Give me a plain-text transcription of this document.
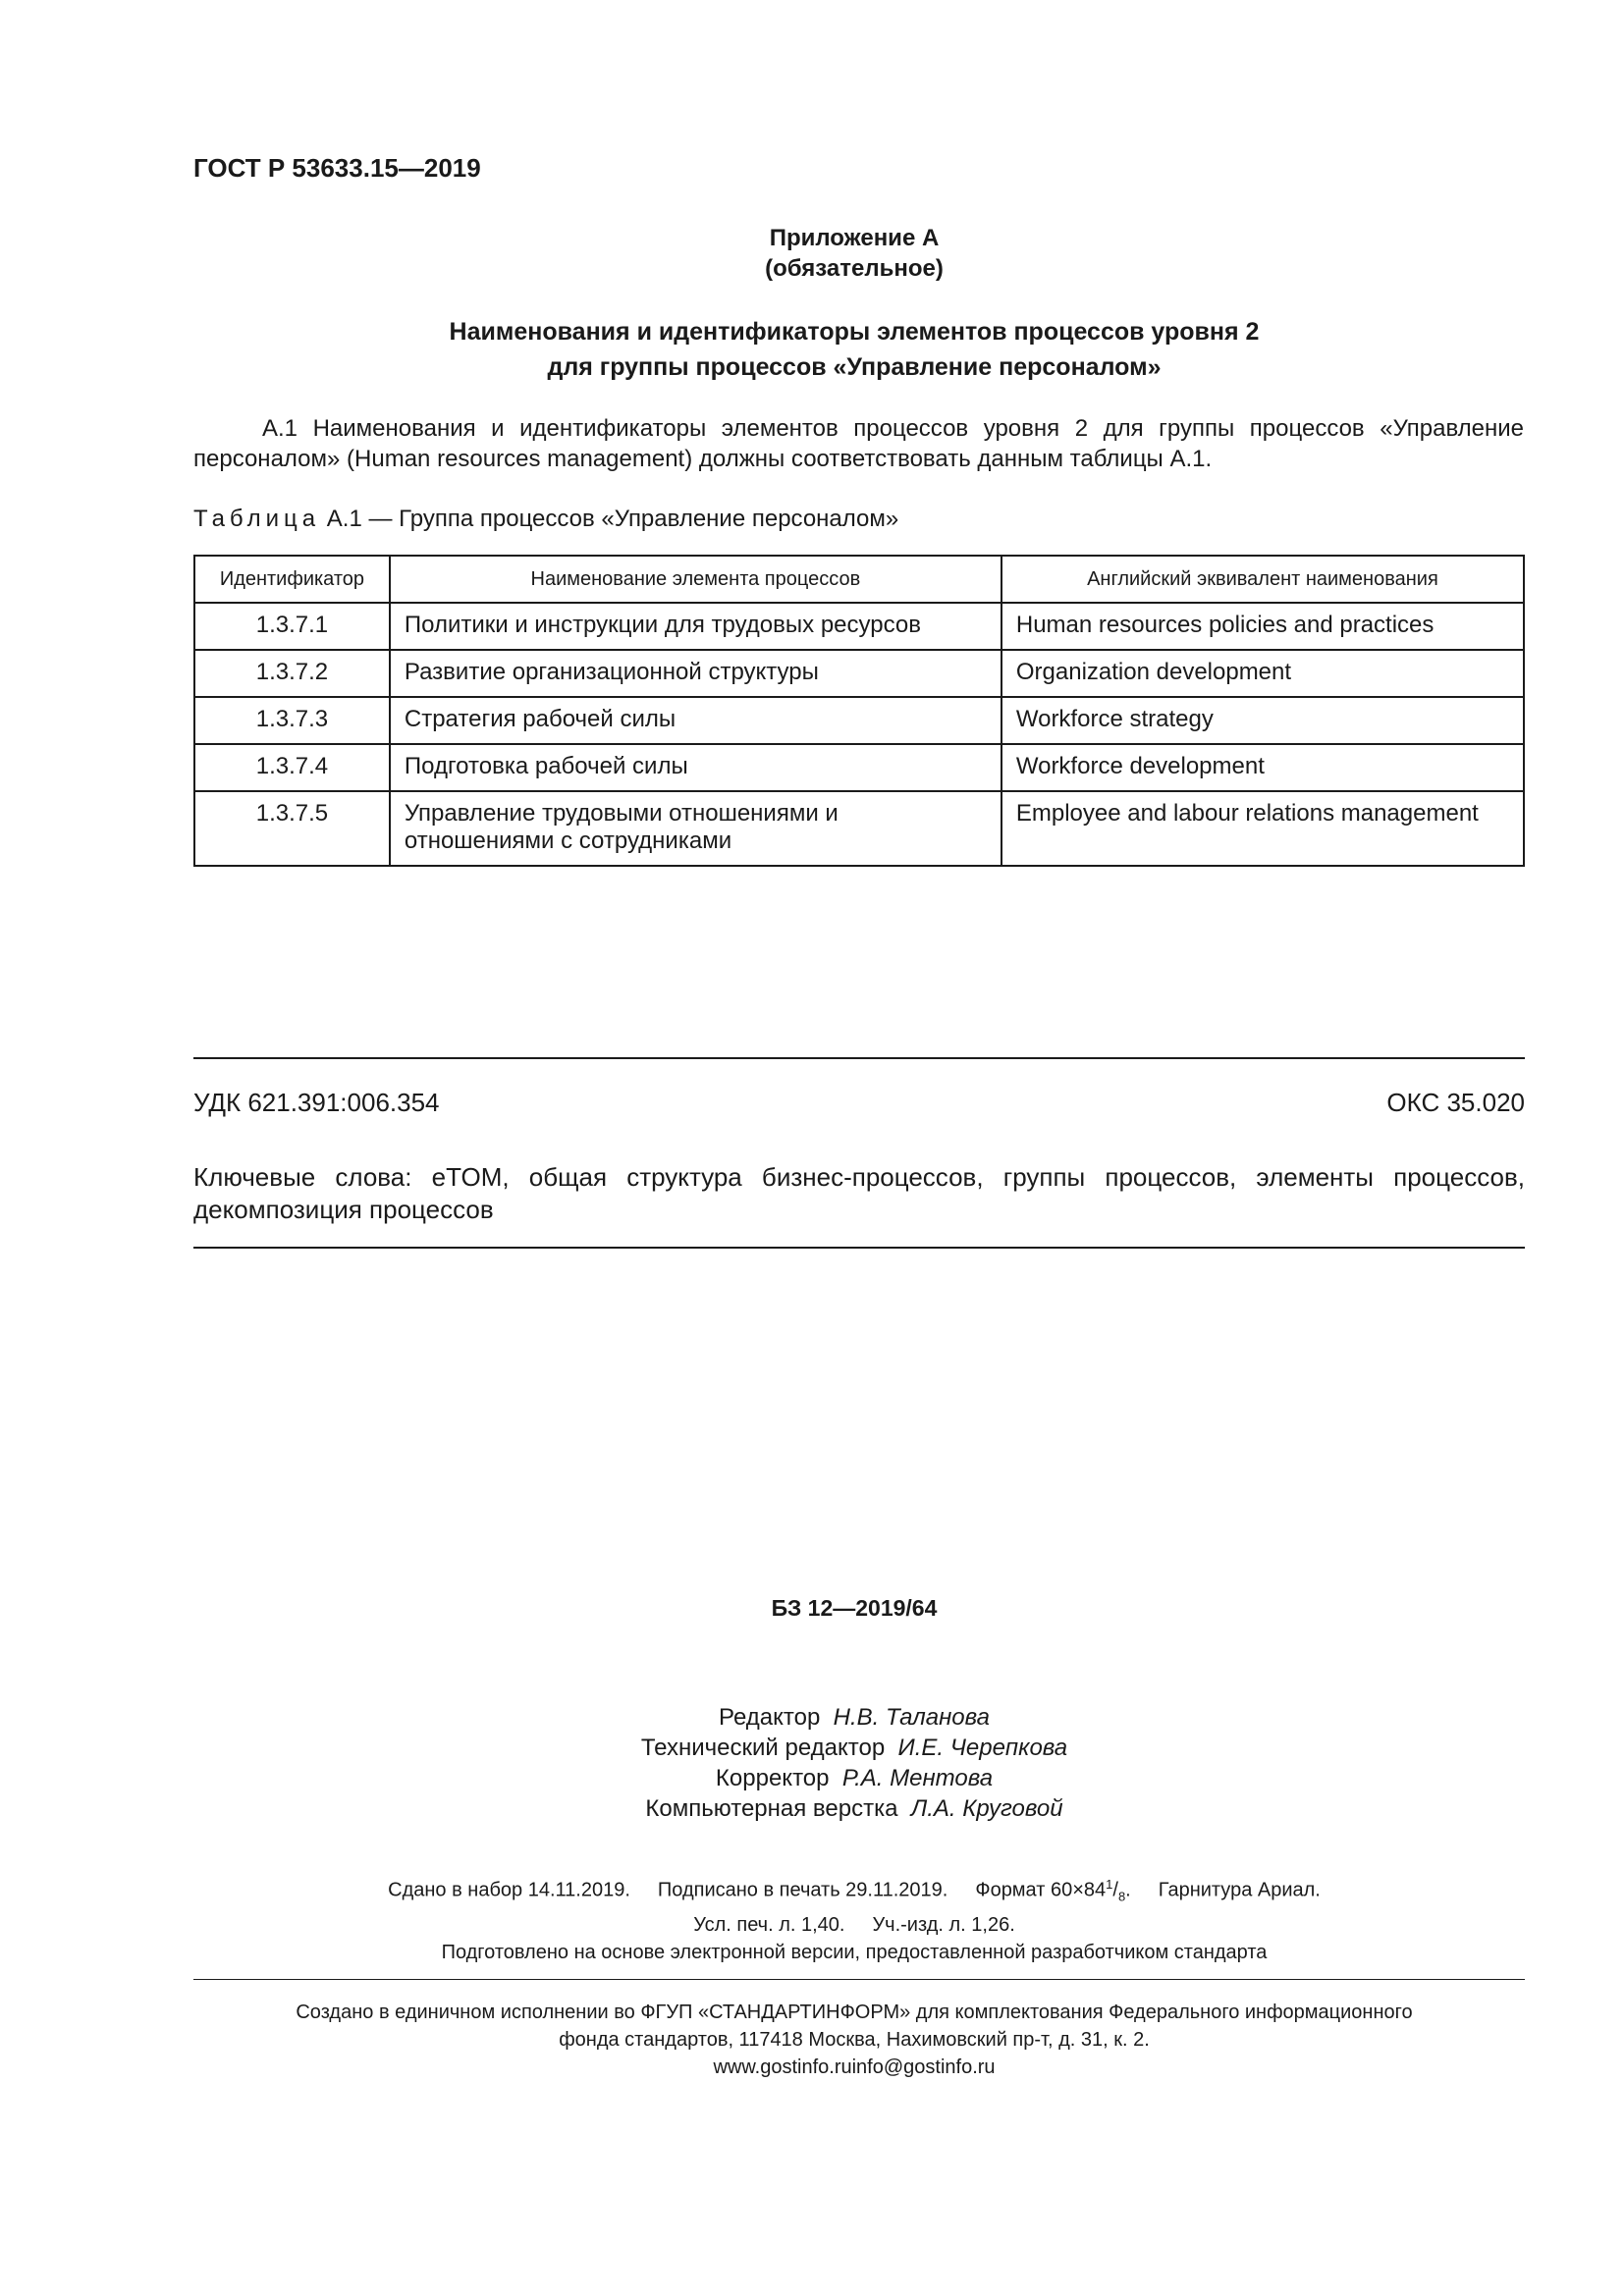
ГОСТ Р 53633.15—2019
Приложение А
(обязательное)
Наименования и идентификаторы элементов процессов уровня 2
для группы процессов «Управление персоналом»
А.1 Наименования и идентификаторы элементов процессов уровня 2 для группы процессов «Управление персоналом» (Human resources management) должны соответствовать данным таблицы А.1.
Таблица А.1 — Группа процессов «Управление персоналом»
Идентификатор	Наименование элемента процессов	Английский эквивалент наименования
1.3.7.1	Политики и инструкции для трудовых ресурсов	Human resources policies and practices
1.3.7.2	Развитие организационной структуры	Organization development
1.3.7.3	Стратегия рабочей силы	Workforce strategy
1.3.7.4	Подготовка рабочей силы	Workforce development
1.3.7.5	Управление трудовыми отношениями и отношениями с сотрудниками	Employee and labour relations management
УДК 621.391:006.354	ОКС 35.020
Ключевые слова: eTOM, общая структура бизнес-процессов, группы процессов, элементы процессов, декомпозиция процессов
БЗ 12—2019/64
Редактор Н.В. Таланова
Технический редактор И.Е. Черепкова
Корректор Р.А. Ментова
Компьютерная верстка Л.А. Круговой
Сдано в набор 14.11.2019. Подписано в печать 29.11.2019. Формат $60\times 84^1/_8$. Гарнитура Ариал.
Усл. печ. л. 1,40. Уч.-изд. л. 1,26.
Подготовлено на основе электронной версии, предоставленной разработчиком стандарта
Создано в единичном исполнении во ФГУП «СТАНДАРТИНФОРМ» для комплектования Федерального информационного
фонда стандартов, 117418 Москва, Нахимовский пр-т, д. 31, к. 2.
www.gostinfo.ruinfo@gostinfo.ru
